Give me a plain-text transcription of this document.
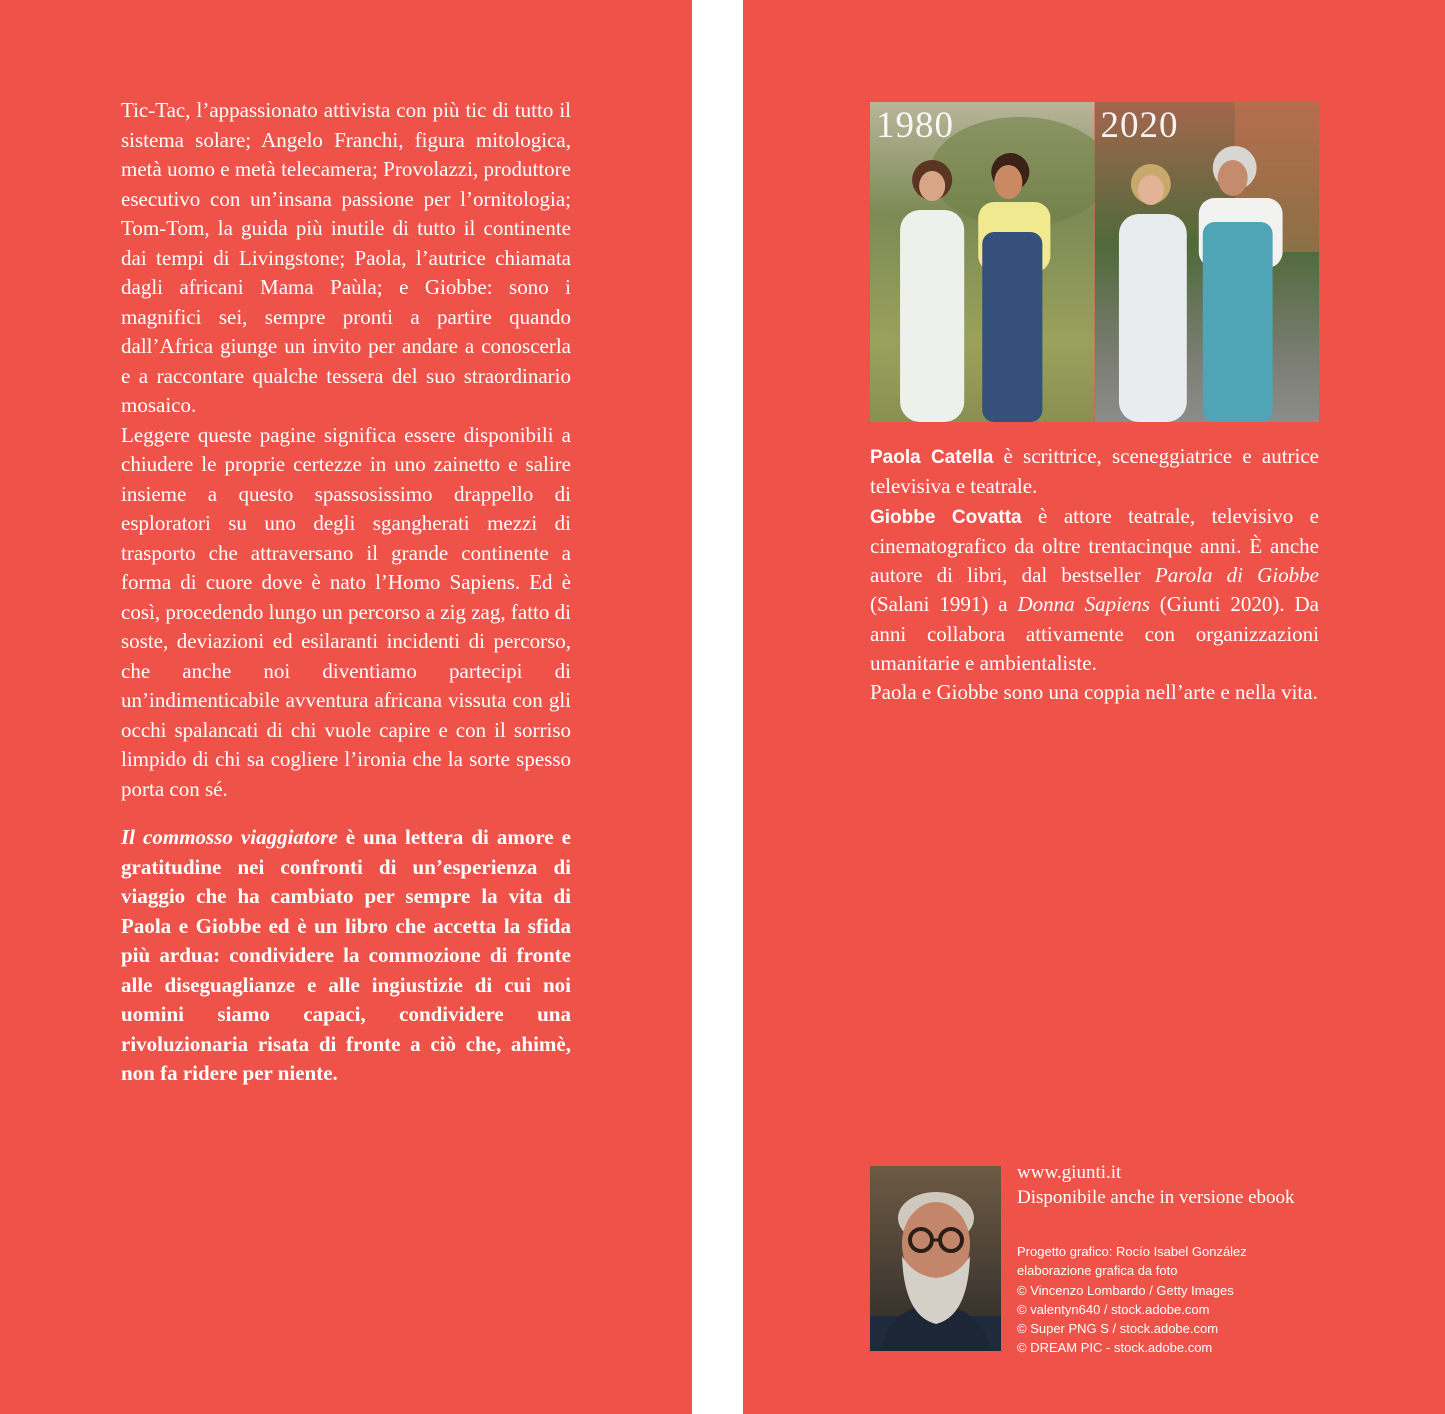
Tic-Tac, l’appassionato attivista con più tic di tutto il sistema solare; Angelo Franchi, figura mitologica, metà uomo e metà telecamera; Provolazzi, produttore esecutivo con un’insana passione per l’ornitologia; Tom-Tom, la guida più inutile di tutto il continente dai tempi di Livingstone; Paola, l’autrice chiamata dagli africani Mama Paùla; e Giobbe: sono i magnifici sei, sempre pronti a partire quando dall’Africa giunge un invito per andare a conoscerla e a raccontare qualche tessera del suo straordinario mosaico.

Leggere queste pagine significa essere disponibili a chiudere le proprie certezze in uno zainetto e salire insieme a questo spassosissimo drappello di esploratori su uno degli sgangherati mezzi di trasporto che attraversano il grande continente a forma di cuore dove è nato l’Homo Sapiens. Ed è così, procedendo lungo un percorso a zig zag, fatto di soste, deviazioni ed esilaranti incidenti di percorso, che anche noi diventiamo partecipi di un’indimenticabile avventura africana vissuta con gli occhi spalancati di chi vuole capire e con il sorriso limpido di chi sa cogliere l’ironia che la sorte spesso porta con sé.

Il commosso viaggiatore è una lettera di amore e gratitudine nei confronti di un’esperienza di viaggio che ha cambiato per sempre la vita di Paola e Giobbe ed è un libro che accetta la sfida più ardua: condividere la commozione di fronte alle diseguaglianze e alle ingiustizie di cui noi uomini siamo capaci, condividere una rivoluzionaria risata di fronte a ciò che, ahimè, non fa ridere per niente.

1980	2020

Paola Catella è scrittrice, sceneggiatrice e autrice televisiva e teatrale.

Giobbe Covatta è attore teatrale, televisivo e cinematografico da oltre trentacinque anni. È anche autore di libri, dal bestseller Parola di Giobbe (Salani 1991) a Donna Sapiens (Giunti 2020). Da anni collabora attivamente con organizzazioni umanitarie e ambientaliste.

Paola e Giobbe sono una coppia nell’arte e nella vita.

www.giunti.it
Disponibile anche in versione ebook
Progetto grafico: Rocío Isabel González
elaborazione grafica da foto
© Vincenzo Lombardo / Getty Images
© valentyn640 / stock.adobe.com
© Super PNG S / stock.adobe.com
© DREAM PIC - stock.adobe.com
